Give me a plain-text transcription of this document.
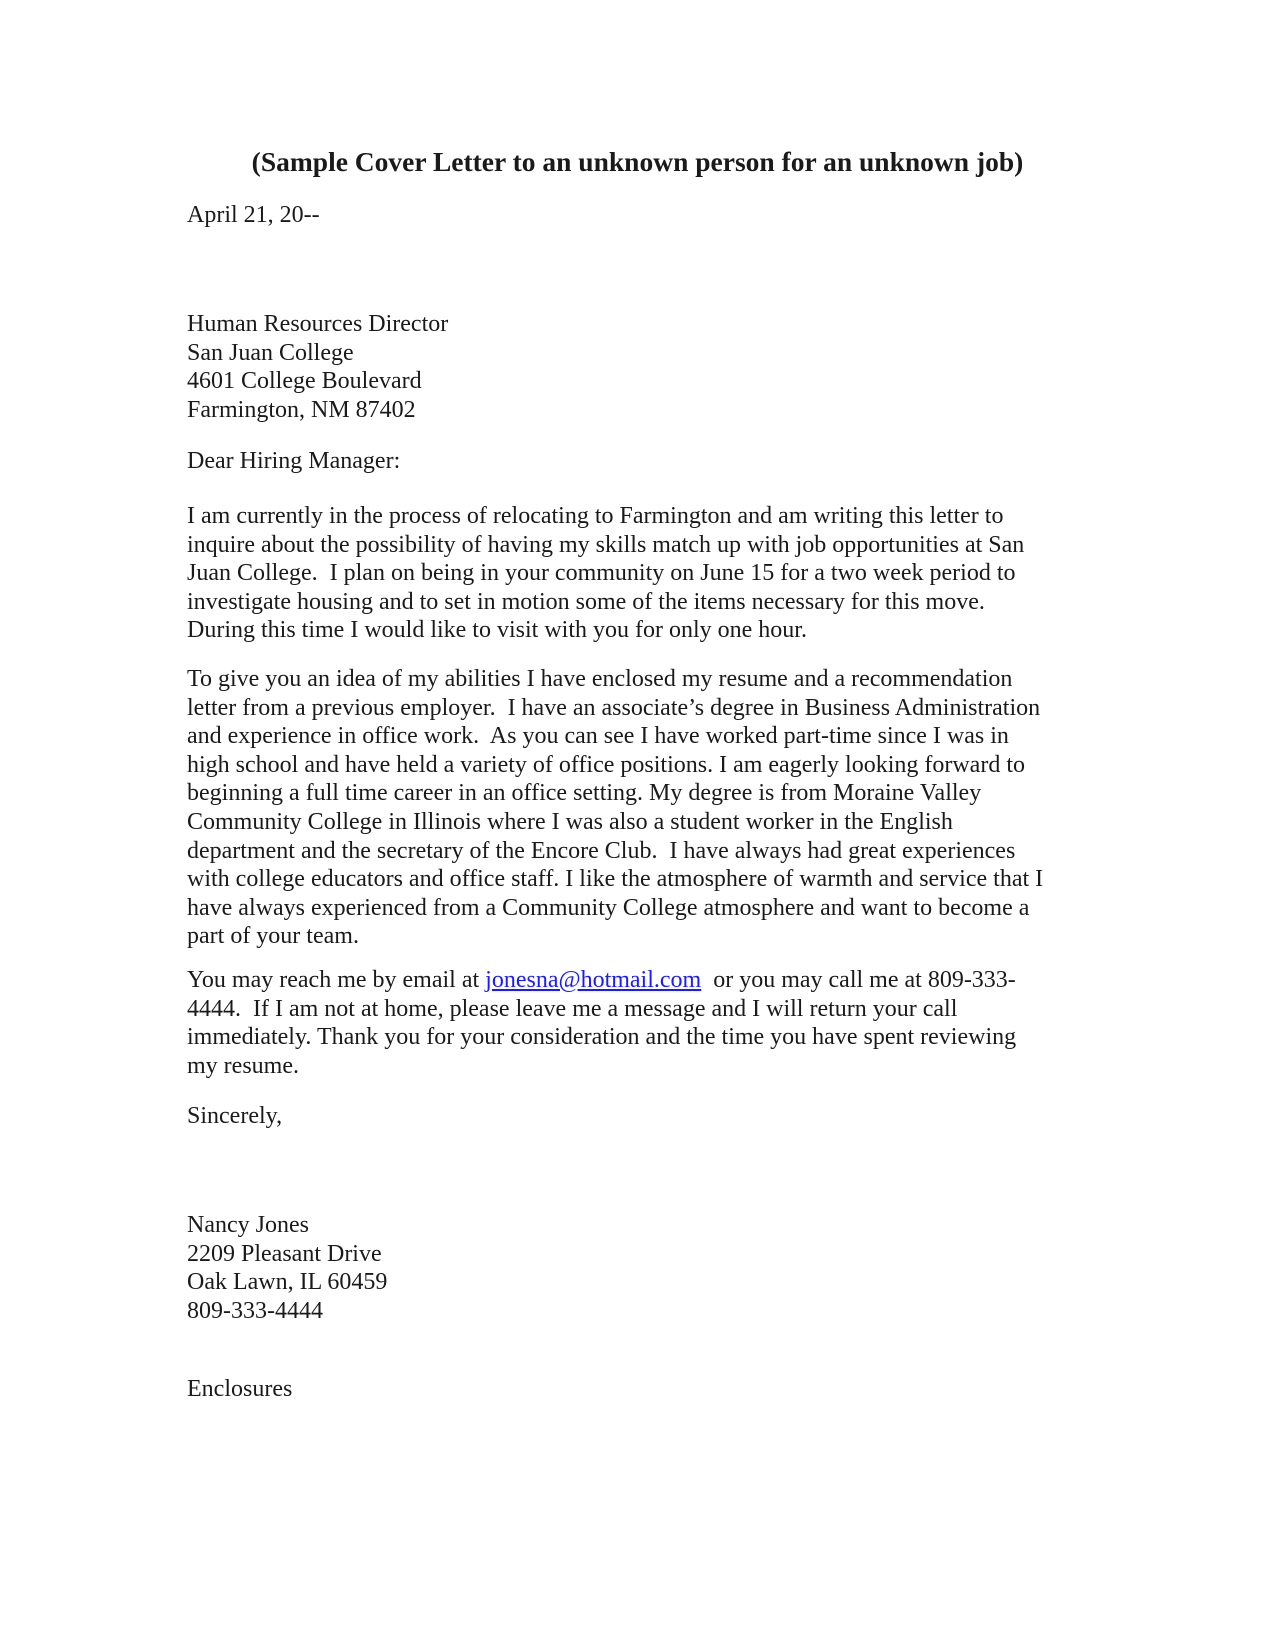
(Sample Cover Letter to an unknown person for an unknown job)
April 21, 20--
Human Resources Director
San Juan College
4601 College Boulevard
Farmington, NM 87402
Dear Hiring Manager:
I am currently in the process of relocating to Farmington and am writing this letter to
inquire about the possibility of having my skills match up with job opportunities at San
Juan College.  I plan on being in your community on June 15 for a two week period to
investigate housing and to set in motion some of the items necessary for this move.
During this time I would like to visit with you for only one hour.
To give you an idea of my abilities I have enclosed my resume and a recommendation
letter from a previous employer.  I have an associate’s degree in Business Administration
and experience in office work.  As you can see I have worked part-time since I was in
high school and have held a variety of office positions. I am eagerly looking forward to
beginning a full time career in an office setting. My degree is from Moraine Valley
Community College in Illinois where I was also a student worker in the English
department and the secretary of the Encore Club.  I have always had great experiences
with college educators and office staff. I like the atmosphere of warmth and service that I
have always experienced from a Community College atmosphere and want to become a
part of your team.
You may reach me by email at jonesna@hotmail.com  or you may call me at 809-333-
4444.  If I am not at home, please leave me a message and I will return your call
immediately. Thank you for your consideration and the time you have spent reviewing
my resume.
Sincerely,
Nancy Jones
2209 Pleasant Drive
Oak Lawn, IL 60459
809-333-4444
Enclosures
